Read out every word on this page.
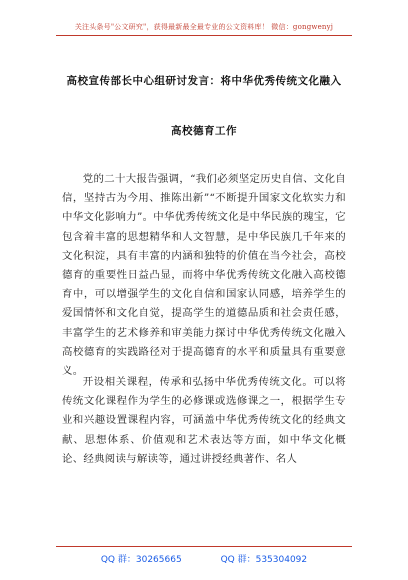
关注头条号"公文研究"，获得最新最全最专业的公文资料库！ 微信：gongwenyj
高校宣传部长中心组研讨发言：将中华优秀传统文化融入
高校德育工作

党的二十大报告强调，“我们必须坚定历史自信、文化自信，坚持古为今用、推陈出新”“不断提升国家文化软实力和中华文化影响力”。中华优秀传统文化是中华民族的瑰宝，它包含着丰富的思想精华和人文智慧，是中华民族几千年来的文化积淀，具有丰富的内涵和独特的价值在当今社会，高校德育的重要性日益凸显，而将中华优秀传统文化融入高校德育中，可以增强学生的文化自信和国家认同感，培养学生的爱国情怀和文化自觉，提高学生的道德品质和社会责任感，丰富学生的艺术修养和审美能力探讨中华优秀传统文化融入高校德育的实践路径对于提高德育的水平和质量具有重要意义。

开设相关课程，传承和弘扬中华优秀传统文化。可以将传统文化课程作为学生的必修课或选修课之一，根据学生专业和兴趣设置课程内容，可涵盖中华优秀传统文化的经典文献、思想体系、价值观和艺术表达等方面，如中华文化概论、经典阅读与解读等，通过讲授经典著作、名人

QQ 群：30265665	QQ 群：535304092
